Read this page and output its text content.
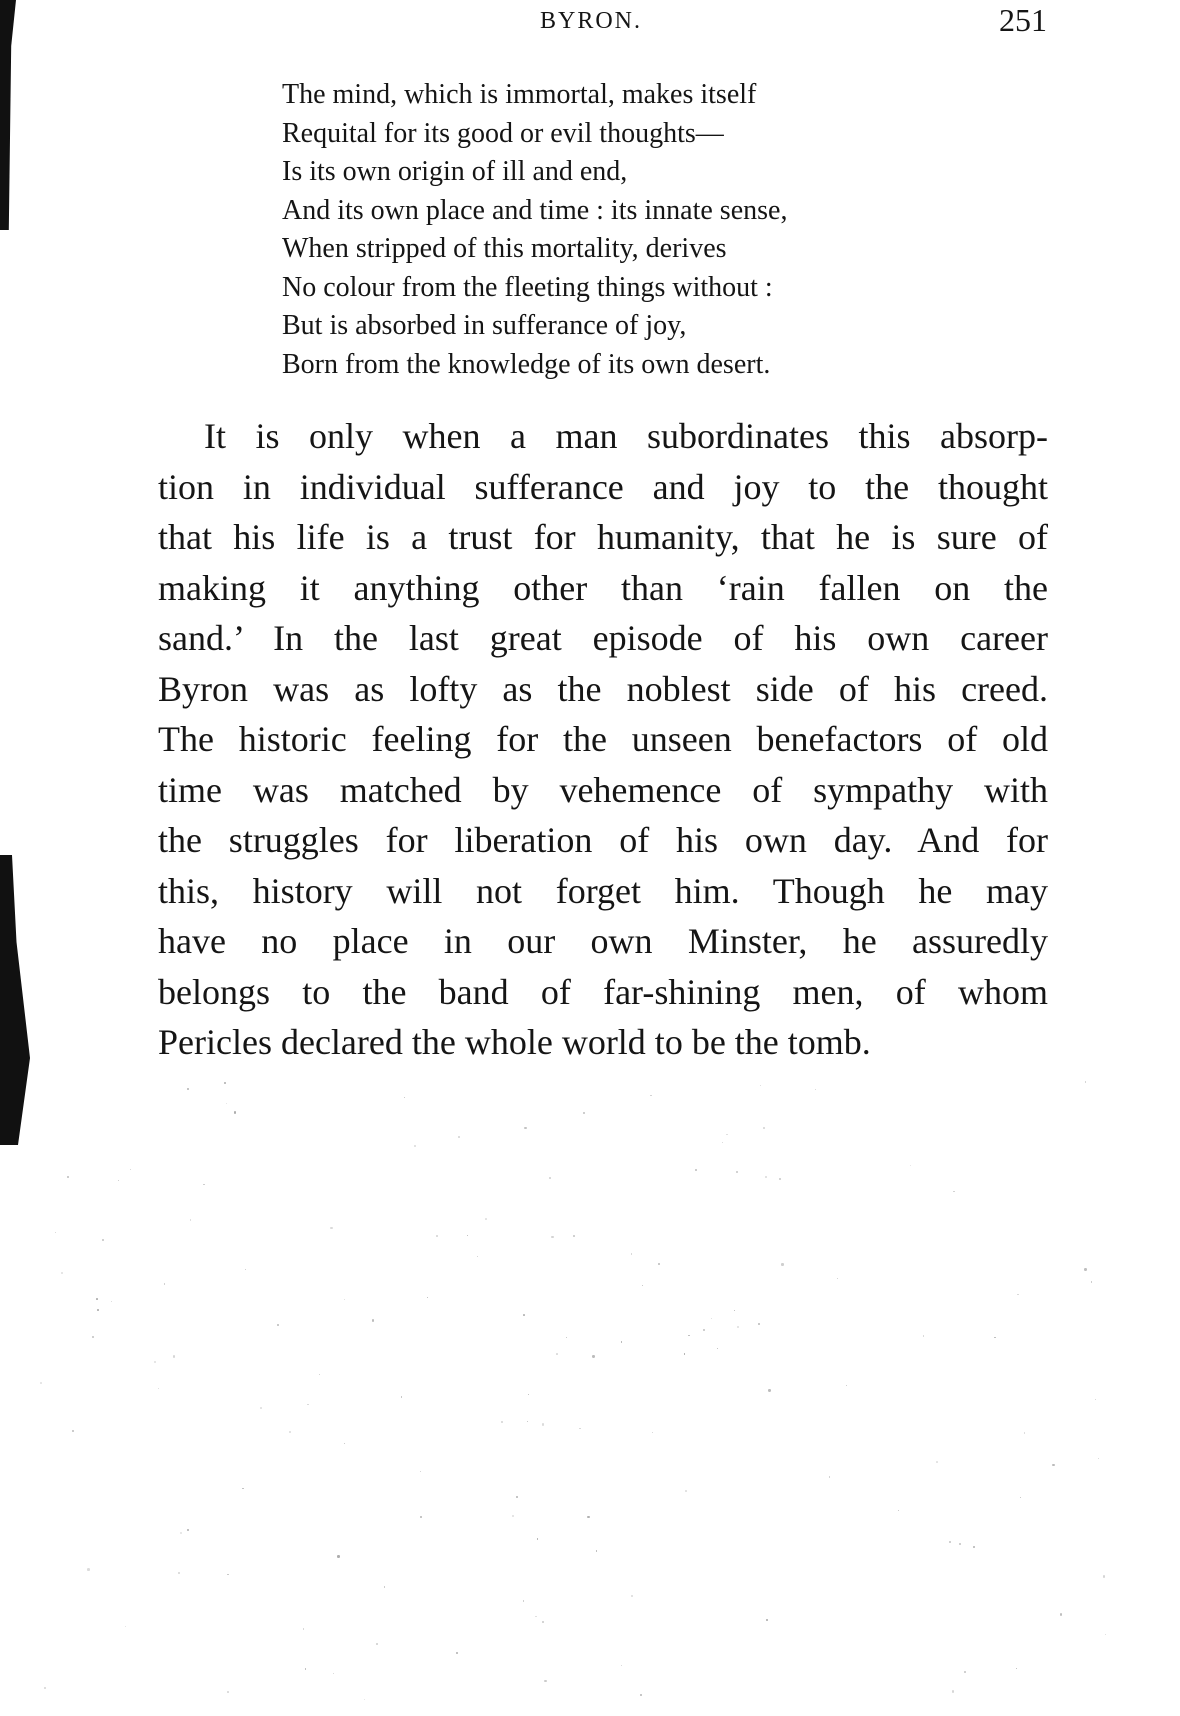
BYRON.	251
The mind, which is immortal, makes itself
Requital for its good or evil thoughts—
Is its own origin of ill and end,
And its own place and time : its innate sense,
When stripped of this mortality, derives
No colour from the fleeting things without :
But is absorbed in sufferance of joy,
Born from the knowledge of its own desert.
It is only when a man subordinates this absorp-
tion in individual sufferance and joy to the thought
that his life is a trust for humanity, that he is sure of
making it anything other than ‘rain fallen on the
sand.’ In the last great episode of his own career
Byron was as lofty as the noblest side of his creed.
The historic feeling for the unseen benefactors of old
time was matched by vehemence of sympathy with
the struggles for liberation of his own day. And for
this, history will not forget him. Though he may
have no place in our own Minster, he assuredly
belongs to the band of far-shining men, of whom
Pericles declared the whole world to be the tomb.
